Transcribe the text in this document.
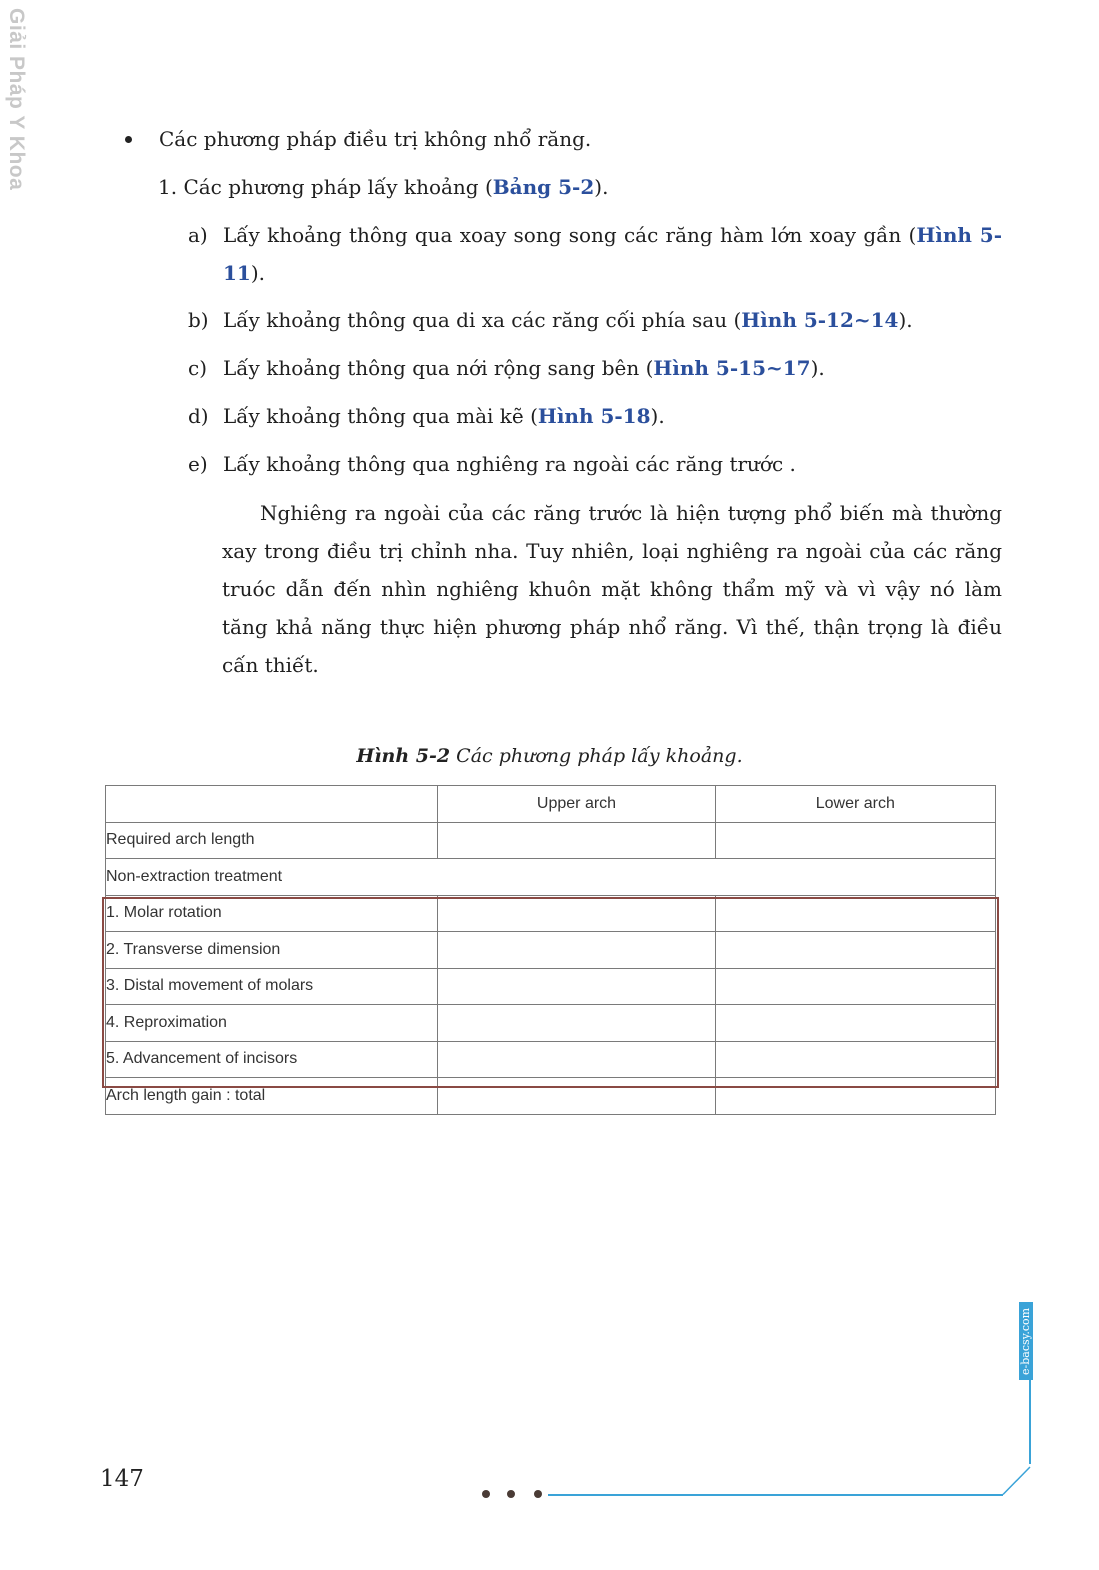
Giải Pháp Y Khoa	Các phương pháp điều trị không nhổ răng.
1. Các phương pháp lấy khoảng (Bảng 5-2).
a) Lấy khoảng thông qua xoay song song các răng hàm lớn xoay gần (Hình 5-11).
b) Lấy khoảng thông qua di xa các răng cối phía sau (Hình 5-12~14).
c) Lấy khoảng thông qua nới rộng sang bên (Hình 5-15~17).
d) Lấy khoảng thông qua mài kẽ (Hình 5-18).
e) Lấy khoảng thông qua nghiêng ra ngoài các răng trước .
Nghiêng ra ngoài của các răng trước là hiện tượng phổ biến mà thường xay trong điều trị chỉnh nha. Tuy nhiên, loại nghiêng ra ngoài của các răng truóc dẫn đến nhìn nghiêng khuôn mặt không thẩm mỹ và vì vậy nó làm tăng khả năng thực hiện phương pháp nhổ răng. Vì thế, thận trọng là điều cấn thiết.
Hình 5-2 Các phương pháp lấy khoảng.
	Upper arch	Lower arch
Required arch length		
Non-extraction treatment		
1. Molar rotation		
2. Transverse dimension		
3. Distal movement of molars		
4. Reproximation		
5. Advancement of incisors		
Arch length gain : total		
147
e-bacsy.com
